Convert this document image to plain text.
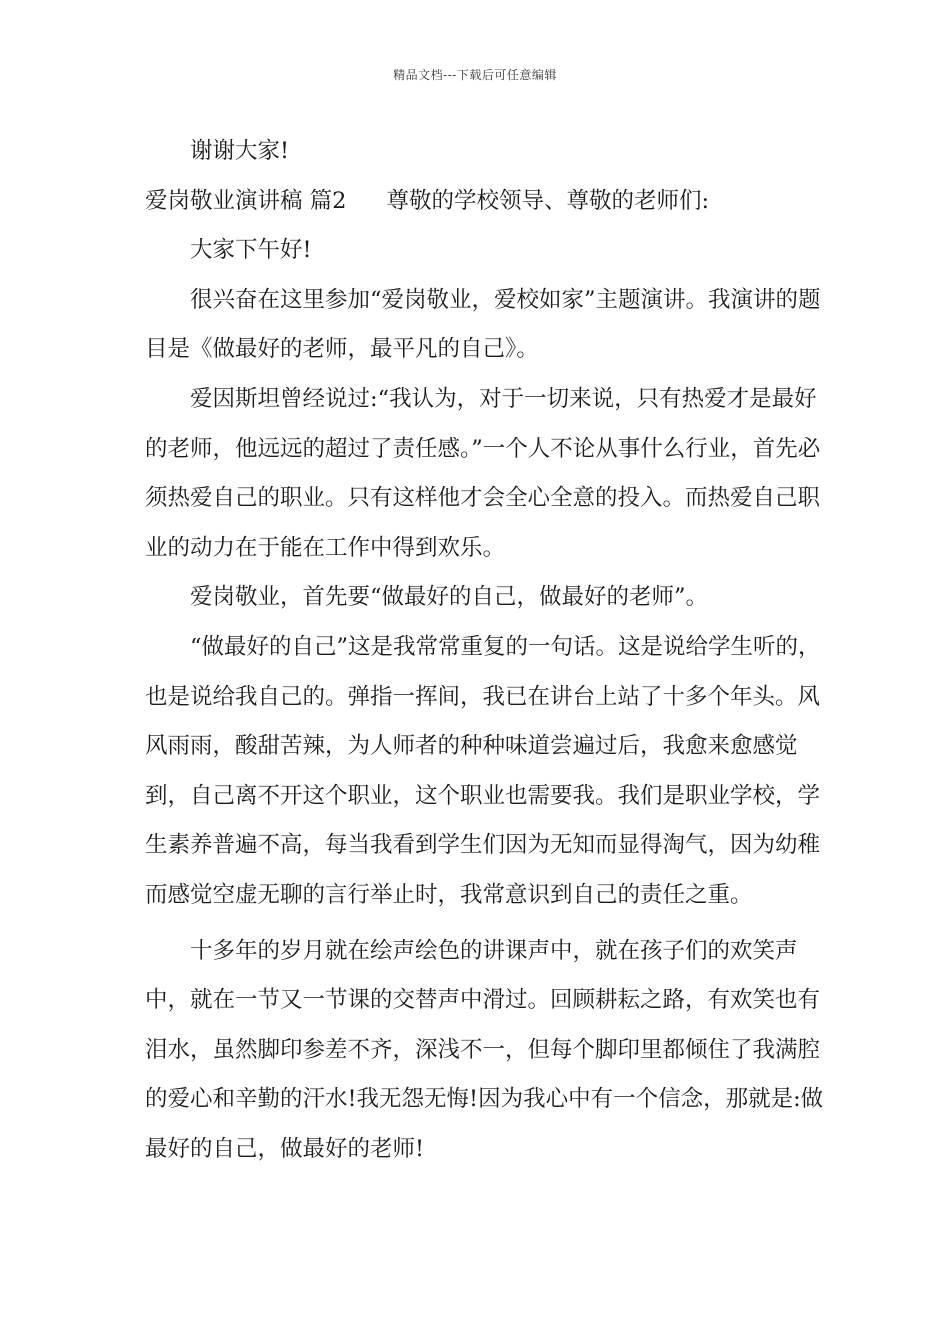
精品文档---下载后可任意编辑

谢谢大家!

爱岗敬业演讲稿 篇2 尊敬的学校领导、尊敬的老师们:

大家下午好!

很兴奋在这里参加“爱岗敬业，爱校如家”主题演讲。我演讲的题目是《做最好的老师，最平凡的自己》。

爱因斯坦曾经说过:“我认为，对于一切来说，只有热爱才是最好的老师，他远远的超过了责任感。”一个人不论从事什么行业，首先必须热爱自己的职业。只有这样他才会全心全意的投入。而热爱自己职业的动力在于能在工作中得到欢乐。

爱岗敬业，首先要“做最好的自己，做最好的老师”。

“做最好的自己”这是我常常重复的一句话。这是说给学生听的，也是说给我自己的。弹指一挥间，我已在讲台上站了十多个年头。风风雨雨，酸甜苦辣，为人师者的种种味道尝遍过后，我愈来愈感觉到，自己离不开这个职业，这个职业也需要我。我们是职业学校，学生素养普遍不高，每当我看到学生们因为无知而显得淘气，因为幼稚而感觉空虚无聊的言行举止时，我常意识到自己的责任之重。

十多年的岁月就在绘声绘色的讲课声中，就在孩子们的欢笑声中，就在一节又一节课的交替声中滑过。回顾耕耘之路，有欢笑也有泪水，虽然脚印参差不齐，深浅不一，但每个脚印里都倾住了我满腔的爱心和辛勤的汗水!我无怨无悔!因为我心中有一个信念，那就是:做最好的自己，做最好的老师!
